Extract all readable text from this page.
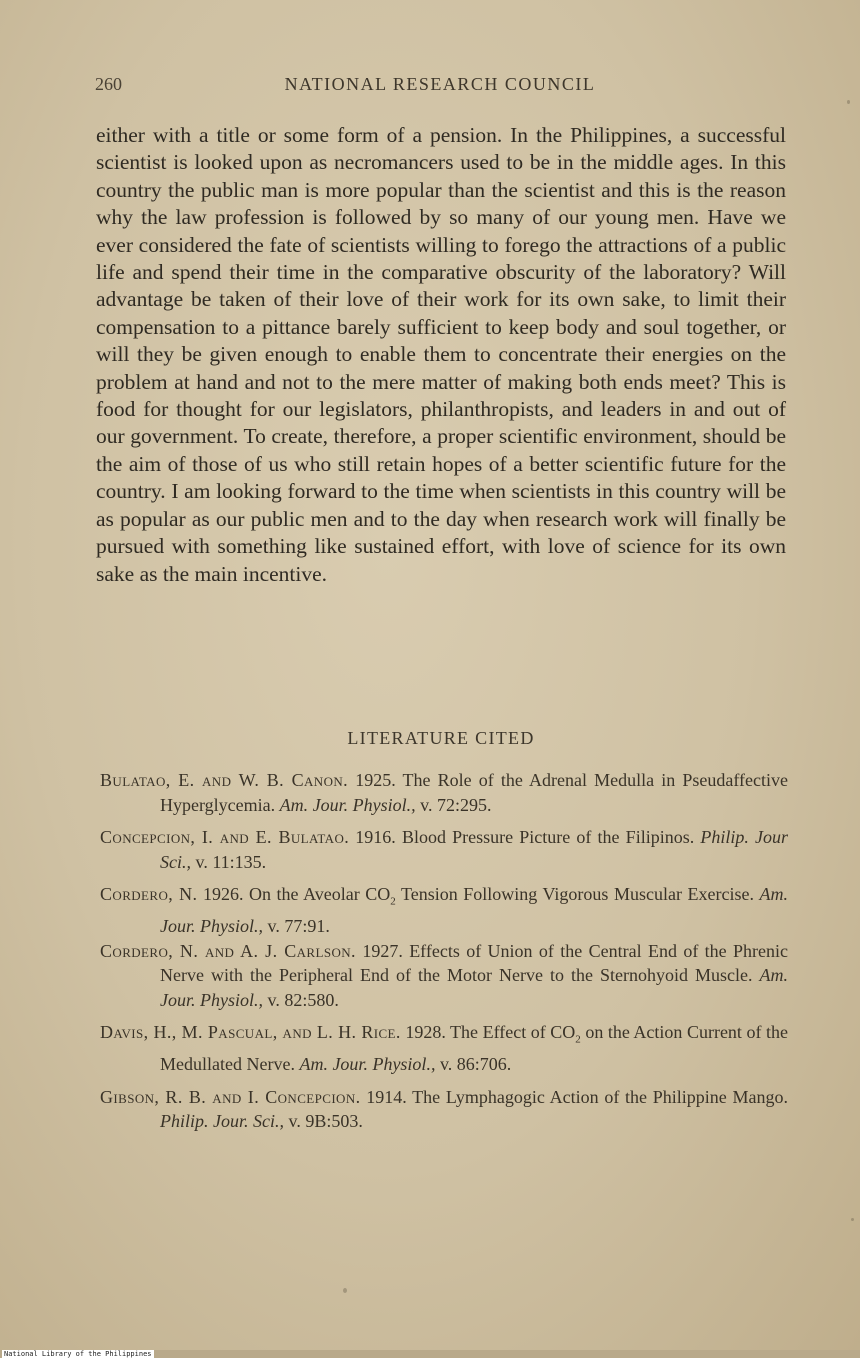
260	NATIONAL RESEARCH COUNCIL

either with a title or some form of a pension. In the Philippines, a successful scientist is looked upon as necromancers used to be in the middle ages. In this country the public man is more popular than the scientist and this is the reason why the law profession is followed by so many of our young men. Have we ever considered the fate of scientists willing to forego the attractions of a public life and spend their time in the comparative obscurity of the laboratory? Will advantage be taken of their love of their work for its own sake, to limit their compensation to a pittance barely sufficient to keep body and soul together, or will they be given enough to enable them to concentrate their energies on the problem at hand and not to the mere matter of making both ends meet? This is food for thought for our legislators, philanthropists, and leaders in and out of our government. To create, therefore, a proper scientific environment, should be the aim of those of us who still retain hopes of a better scientific future for the country. I am looking forward to the time when scientists in this country will be as popular as our public men and to the day when research work will finally be pursued with something like sustained effort, with love of science for its own sake as the main incentive.

LITERATURE CITED
Bulatao, E. and W. B. Canon. 1925. The Role of the Adrenal Medulla in Pseudaffective Hyperglycemia. Am. Jour. Physiol., v. 72:295.
Concepcion, I. and E. Bulatao. 1916. Blood Pressure Picture of the Filipinos. Philip. Jour Sci., v. 11:135.
Cordero, N. 1926. On the Aveolar $CO_2$ Tension Following Vigorous Muscular Exercise. Am. Jour. Physiol., v. 77:91.
Cordero, N. and A. J. Carlson. 1927. Effects of Union of the Central End of the Phrenic Nerve with the Peripheral End of the Motor Nerve to the Sternohyoid Muscle. Am. Jour. Physiol., v. 82:580.
Davis, H., M. Pascual, and L. H. Rice. 1928. The Effect of $CO_2$ on the Action Current of the Medullated Nerve. Am. Jour. Physiol., v. 86:706.
Gibson, R. B. and I. Concepcion. 1914. The Lymphagogic Action of the Philippine Mango. Philip. Jour. Sci., v. 9B:503.
National Library of the Philippines
